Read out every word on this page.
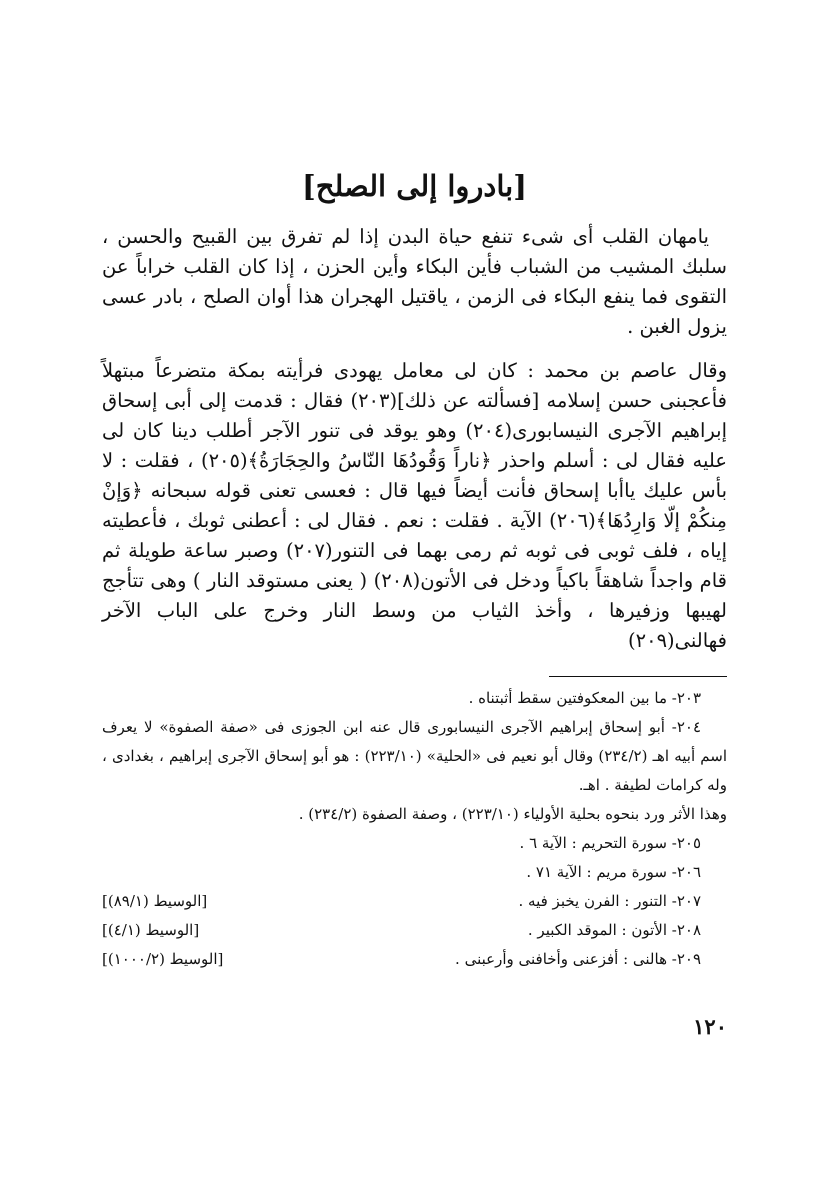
[بادروا إلى الصلح]

يامهان القلب أى شىء تنفع حياة البدن إذا لم تفرق بين القبيح والحسن ، سلبك المشيب من الشباب فأين البكاء وأين الحزن ، إذا كان القلب خراباً عن التقوى فما ينفع البكاء فى الزمن ، ياقتيل الهجران هذا أوان الصلح ، بادر عسى يزول الغبن .

وقال عاصم بن محمد : كان لى معامل يهودى فرأيته بمكة متضرعاً مبتهلاً فأعجبنى حسن إسلامه [فسألته عن ذلك](٢٠٣) فقال : قدمت إلى أبى إسحاق إبراهيم الآجرى النيسابورى(٢٠٤) وهو يوقد فى تنور الآجر أطلب دينا كان لى عليه فقال لى : أسلم واحذر ﴿ناراً وَقُودُهَا النّاسُ والحِجَارَةُ﴾(٢٠٥) ، فقلت : لا بأس عليك ياأبا إسحاق فأنت أيضاً فيها قال : فعسى تعنى قوله سبحانه ﴿وَإنْ مِنكُمْ إلّا وَارِدُهَا﴾(٢٠٦) الآية . فقلت : نعم . فقال لى : أعطنى ثوبك ، فأعطيته إياه ، فلف ثوبى فى ثوبه ثم رمى بهما فى التنور(٢٠٧) وصبر ساعة طويلة ثم قام واجداً شاهقاً باكياً ودخل فى الأتون(٢٠٨) ( يعنى مستوقد النار ) وهى تتأجج لهيبها وزفيرها ، وأخذ الثياب من وسط النار وخرج على الباب الآخر فهالنى(٢٠٩)

٢٠٣- ما بين المعكوفتين سقط أثبتناه .

٢٠٤- أبو إسحاق إبراهيم الآجرى النيسابورى قال عنه ابن الجوزى فى «صفة الصفوة» لا يعرف اسم أبيه اهـ (٢٣٤/٢) وقال أبو نعيم فى «الحلية» (٢٢٣/١٠) : هو أبو إسحاق الآجرى إبراهيم ، بغدادى ، وله كرامات لطيفة . اهـ.

وهذا الأثر ورد بنحوه بحلية الأولياء (٢٢٣/١٠) ، وصفة الصفوة (٢٣٤/٢) .

٢٠٥- سورة التحريم : الآية ٦ .

٢٠٦- سورة مريم : الآية ٧١ .

٢٠٧- التنور : الفرن يخبز فيه .
[الوسيط (٨٩/١)]
٢٠٨- الأتون : الموقد الكبير .
[الوسيط (٤/١)]
٢٠٩- هالنى : أفزعنى وأخافنى وأرعبنى .
[الوسيط (١٠٠٠/٢)]
١٢٠
